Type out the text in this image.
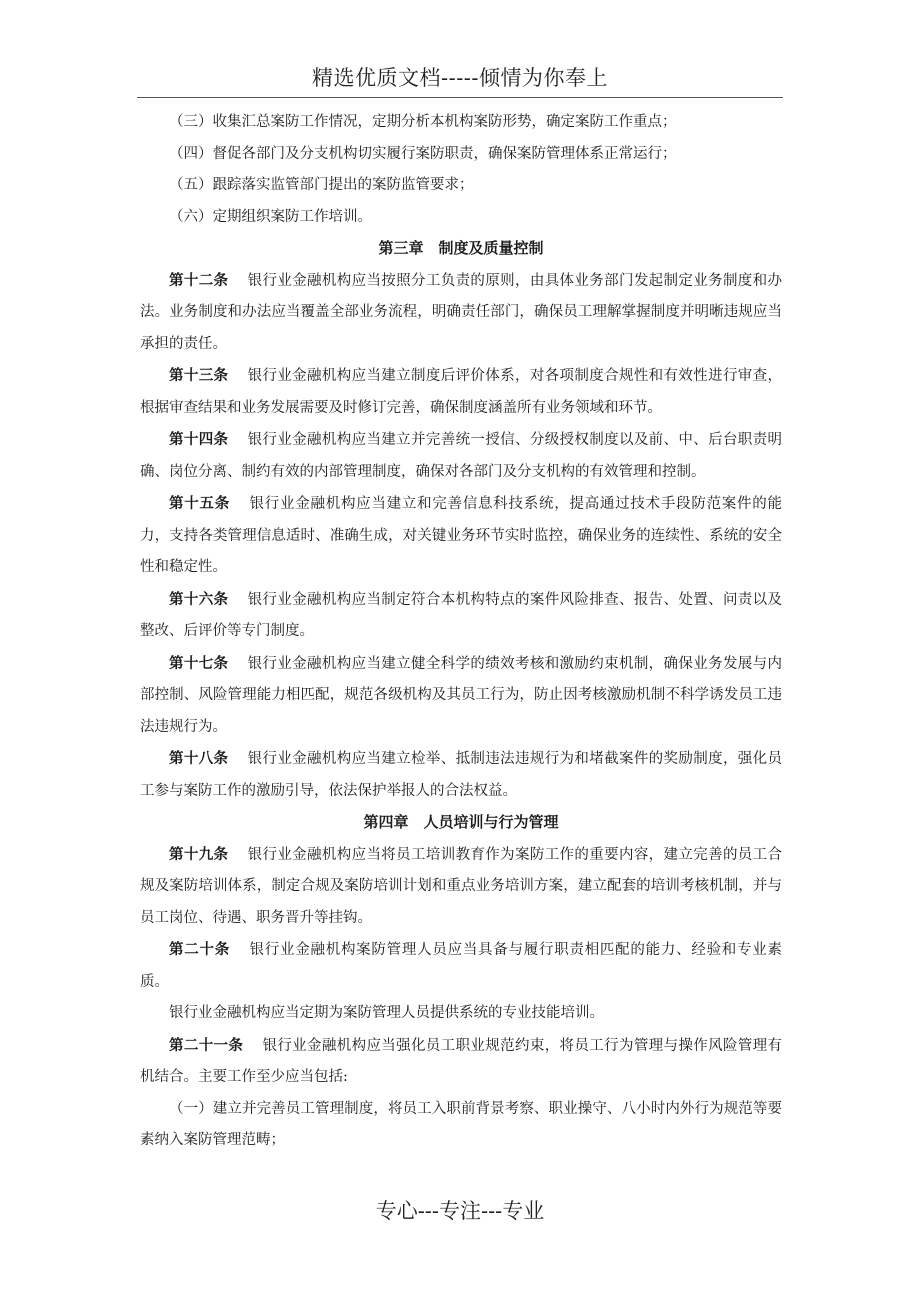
精选优质文档-----倾情为你奉上

（三）收集汇总案防工作情况，定期分析本机构案防形势，确定案防工作重点；

（四）督促各部门及分支机构切实履行案防职责，确保案防管理体系正常运行；

（五）跟踪落实监管部门提出的案防监管要求；

（六）定期组织案防工作培训。

第三章　制度及质量控制

第十二条 银行业金融机构应当按照分工负责的原则，由具体业务部门发起制定业务制度和办法。业务制度和办法应当覆盖全部业务流程，明确责任部门，确保员工理解掌握制度并明晰违规应当承担的责任。

第十三条 银行业金融机构应当建立制度后评价体系，对各项制度合规性和有效性进行审查，根据审查结果和业务发展需要及时修订完善，确保制度涵盖所有业务领域和环节。

第十四条 银行业金融机构应当建立并完善统一授信、分级授权制度以及前、中、后台职责明确、岗位分离、制约有效的内部管理制度，确保对各部门及分支机构的有效管理和控制。

第十五条 银行业金融机构应当建立和完善信息科技系统，提高通过技术手段防范案件的能力，支持各类管理信息适时、准确生成，对关键业务环节实时监控，确保业务的连续性、系统的安全性和稳定性。

第十六条 银行业金融机构应当制定符合本机构特点的案件风险排查、报告、处置、问责以及整改、后评价等专门制度。

第十七条 银行业金融机构应当建立健全科学的绩效考核和激励约束机制，确保业务发展与内部控制、风险管理能力相匹配，规范各级机构及其员工行为，防止因考核激励机制不科学诱发员工违法违规行为。

第十八条 银行业金融机构应当建立检举、抵制违法违规行为和堵截案件的奖励制度，强化员工参与案防工作的激励引导，依法保护举报人的合法权益。

第四章　人员培训与行为管理

第十九条 银行业金融机构应当将员工培训教育作为案防工作的重要内容，建立完善的员工合规及案防培训体系，制定合规及案防培训计划和重点业务培训方案，建立配套的培训考核机制，并与员工岗位、待遇、职务晋升等挂钩。

第二十条 银行业金融机构案防管理人员应当具备与履行职责相匹配的能力、经验和专业素质。

银行业金融机构应当定期为案防管理人员提供系统的专业技能培训。

第二十一条 银行业金融机构应当强化员工职业规范约束，将员工行为管理与操作风险管理有机结合。主要工作至少应当包括:

（一）建立并完善员工管理制度，将员工入职前背景考察、职业操守、八小时内外行为规范等要素纳入案防管理范畴；

专心---专注---专业
